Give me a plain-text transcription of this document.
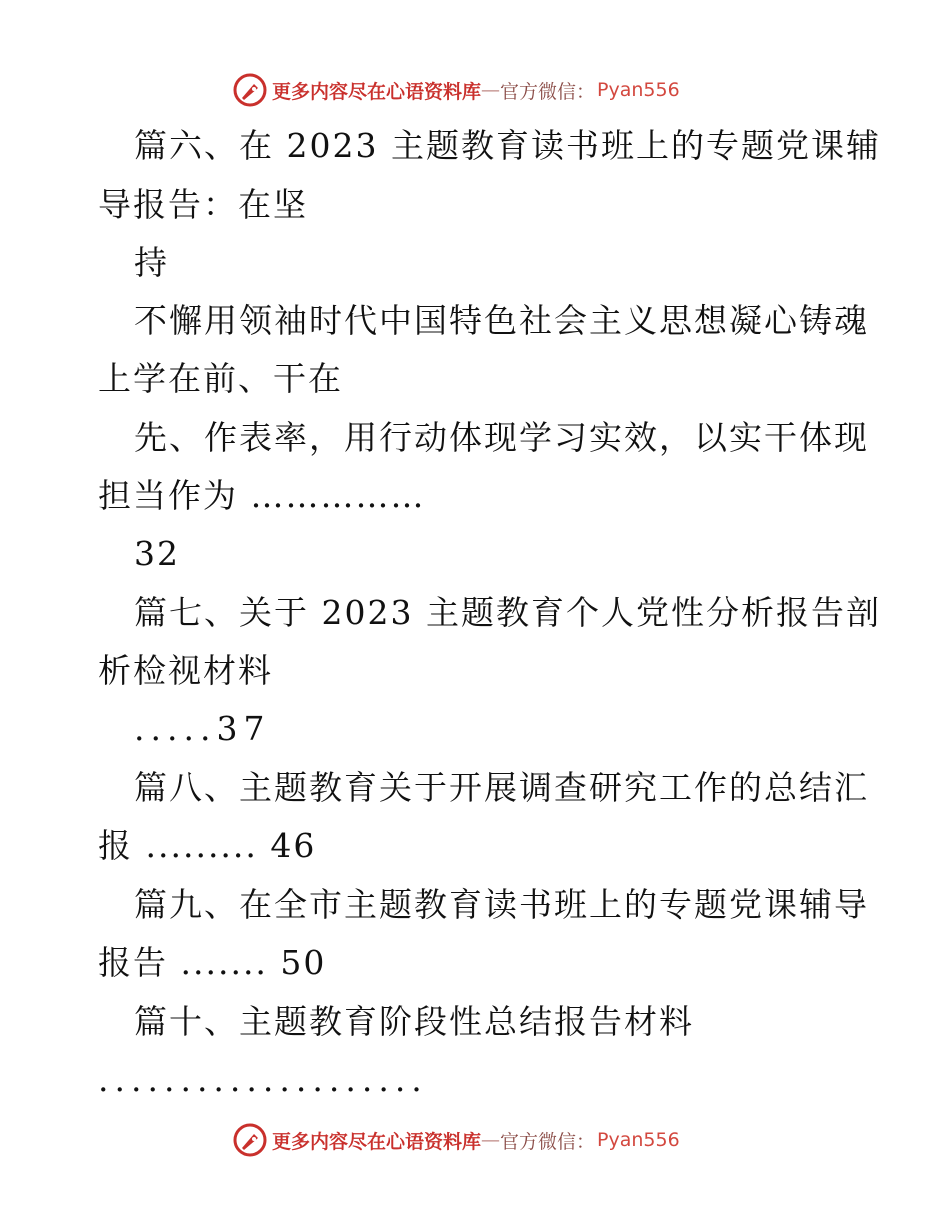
更多内容尽在心语资料库 — 官方微信： Pyan556
篇六、在 2023 主题教育读书班上的专题党课辅
导报告：在坚
持
不懈用领袖时代中国特色社会主义思想凝心铸魂
上学在前、干在
先、作表率，用行动体现学习实效，以实干体现
担当作为 ……………
32
篇七、关于 2023 主题教育个人党性分析报告剖
析检视材料
.....37
篇八、主题教育关于开展调查研究工作的总结汇
报 ......... 46
篇九、在全市主题教育读书班上的专题党课辅导
报告 ....... 50
篇十、主题教育阶段性总结报告材料
....................
更多内容尽在心语资料库 — 官方微信： Pyan556
